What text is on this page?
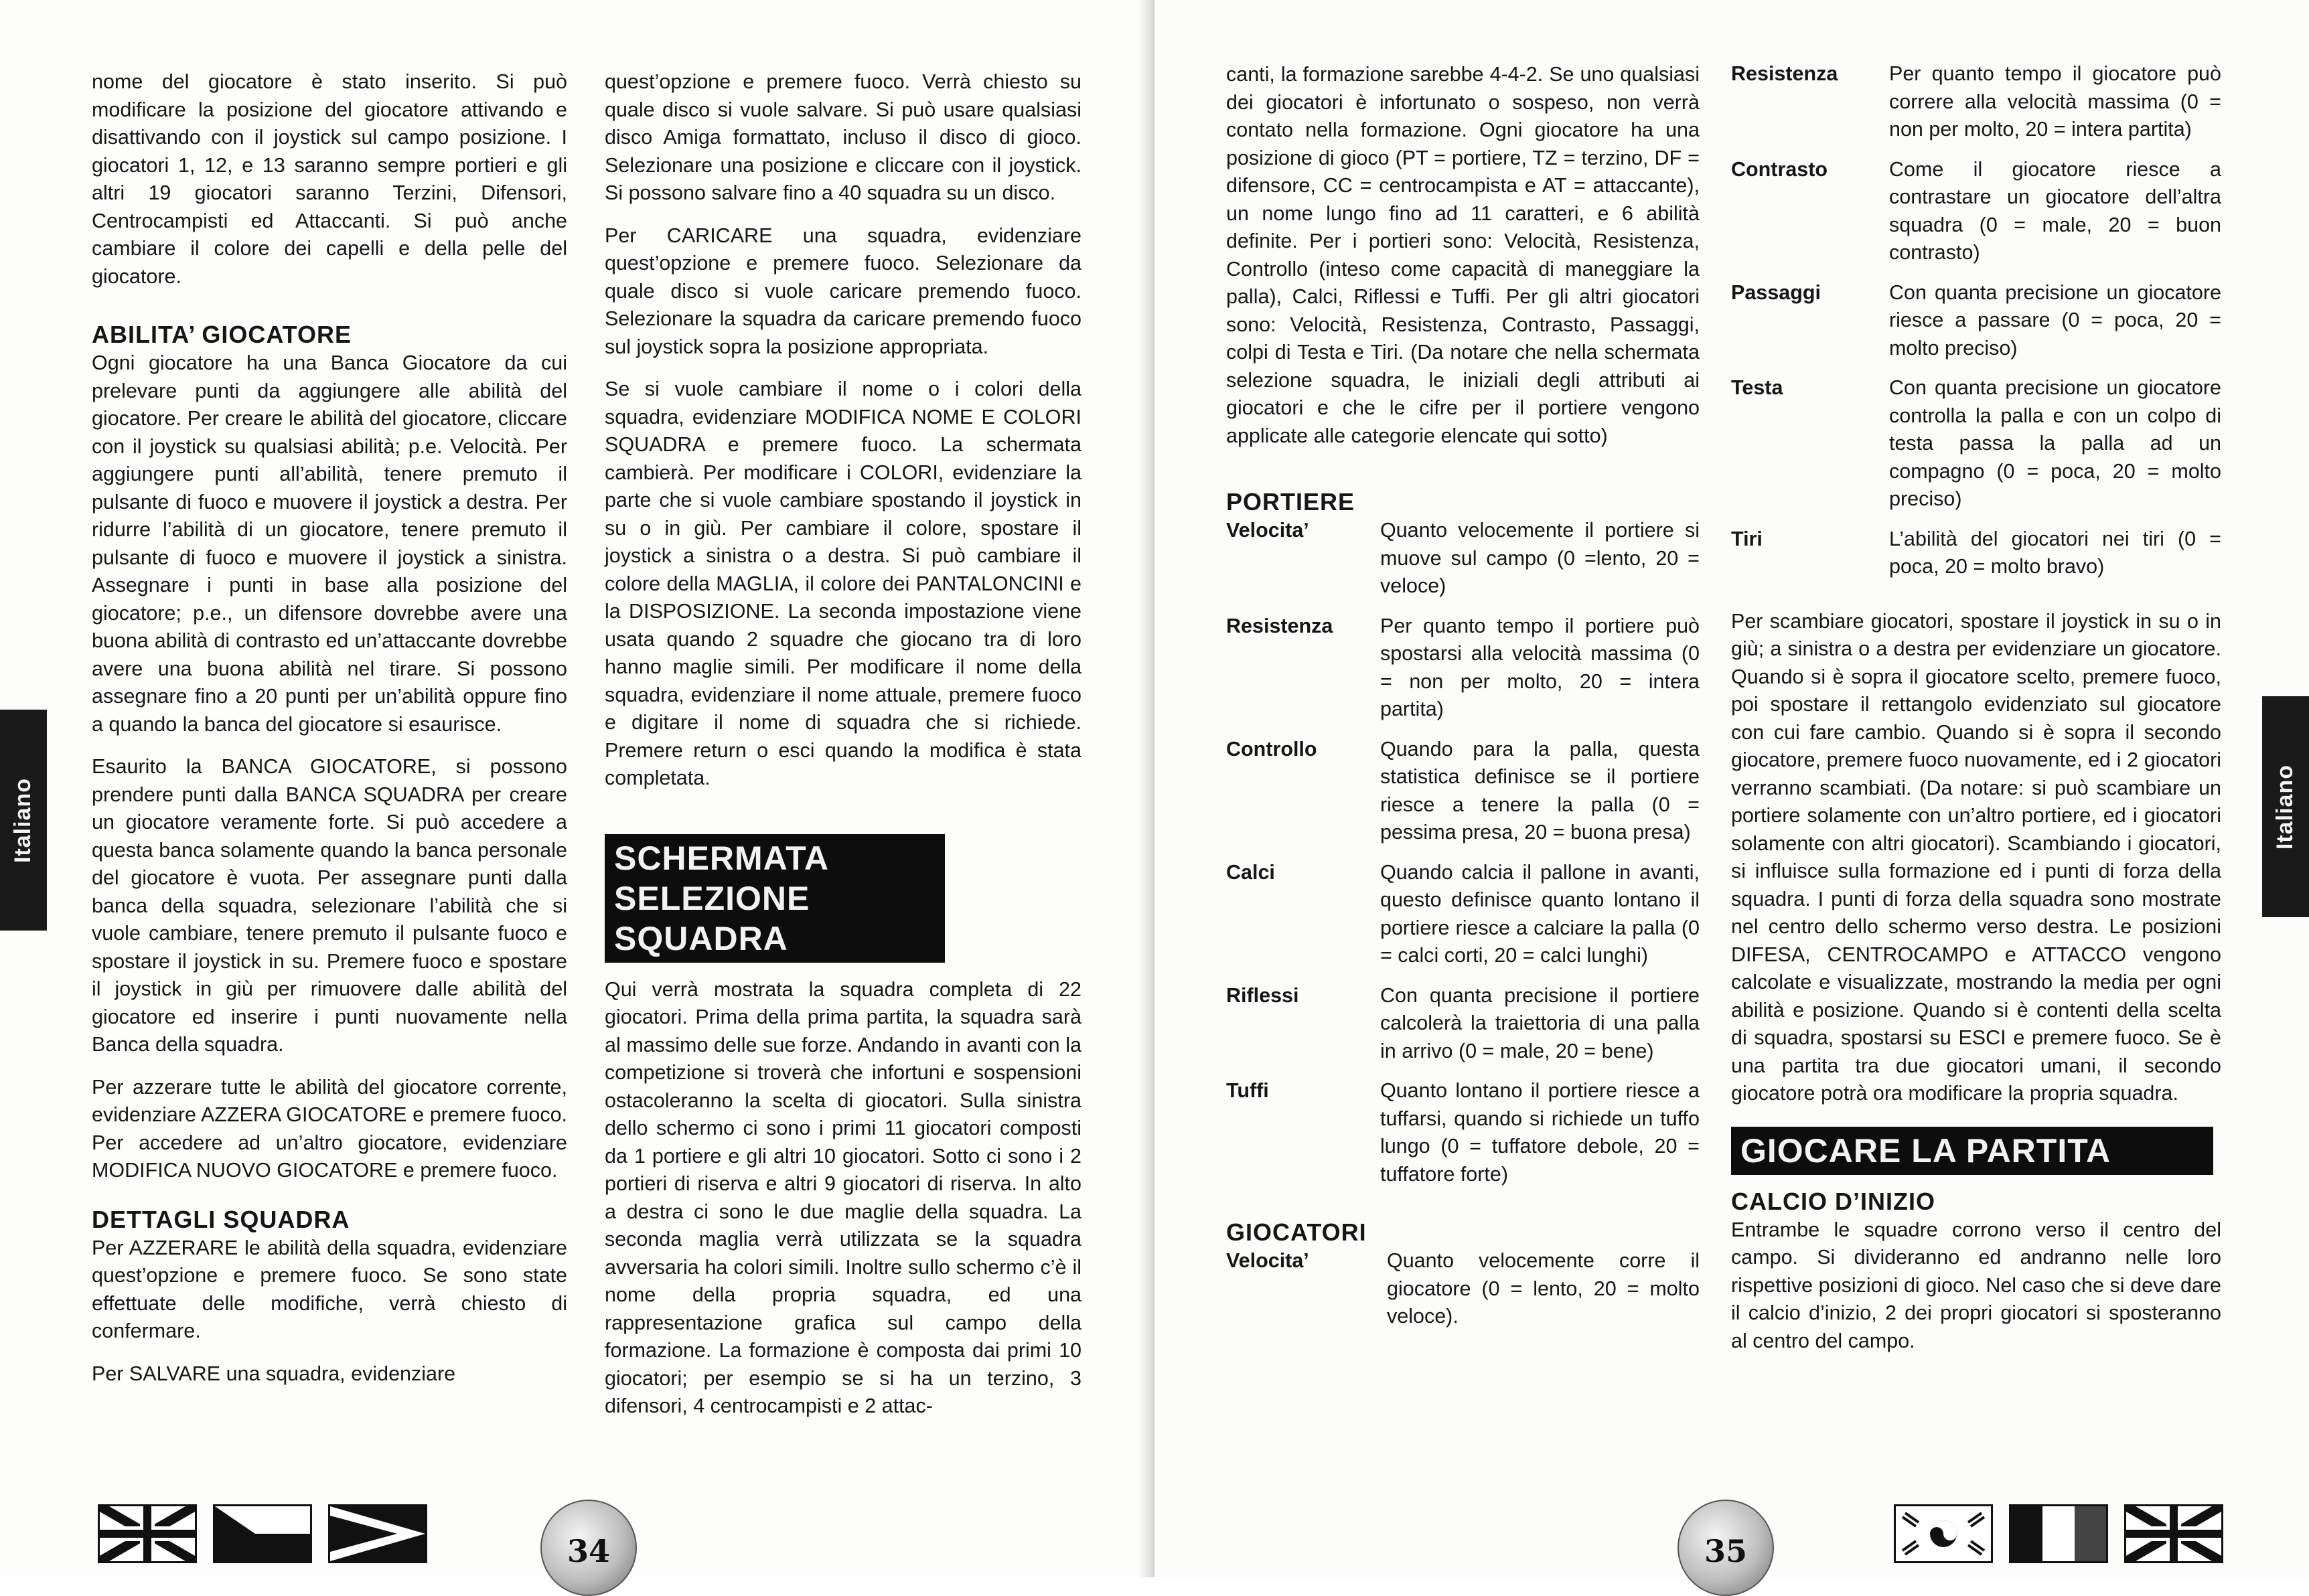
nome del giocatore è stato inserito. Si può modificare la posizione del giocatore attivando e disattivando con il joystick sul campo posizione. I giocatori 1, 12, e 13 saranno sempre portieri e gli altri 19 giocatori saranno Terzini, Difensori, Centrocampisti ed Attaccanti. Si può anche cambiare il colore dei capelli e della pelle del giocatore.

ABILITA’ GIOCATORE

Ogni giocatore ha una Banca Giocatore da cui prelevare punti da aggiungere alle abilità del giocatore. Per creare le abilità del giocatore, cliccare con il joystick su qualsiasi abilità; p.e. Velocità. Per aggiungere punti all’abilità, tenere premuto il pulsante di fuoco e muovere il joystick a destra. Per ridurre l’abilità di un giocatore, tenere premuto il pulsante di fuoco e muovere il joystick a sinistra. Assegnare i punti in base alla posizione del giocatore; p.e., un difensore dovrebbe avere una buona abilità di contrasto ed un’attaccante dovrebbe avere una buona abilità nel tirare. Si possono assegnare fino a 20 punti per un’abilità oppure fino a quando la banca del giocatore si esaurisce.

Esaurito la BANCA GIOCATORE, si possono prendere punti dalla BANCA SQUADRA per creare un giocatore veramente forte. Si può accedere a questa banca solamente quando la banca personale del giocatore è vuota. Per assegnare punti dalla banca della squadra, selezionare l’abilità che si vuole cambiare, tenere premuto il pulsante fuoco e spostare il joystick in su. Premere fuoco e spostare il joystick in giù per rimuovere dalle abilità del giocatore ed inserire i punti nuovamente nella Banca della squadra.

Per azzerare tutte le abilità del giocatore corrente, evidenziare AZZERA GIOCATORE e premere fuoco. Per accedere ad un’altro giocatore, evidenziare MODIFICA NUOVO GIOCATORE e premere fuoco.

DETTAGLI SQUADRA

Per AZZERARE le abilità della squadra, evidenziare quest’opzione e premere fuoco. Se sono state effettuate delle modifiche, verrà chiesto di confermare.

Per SALVARE una squadra, evidenziare

quest’opzione e premere fuoco. Verrà chiesto su quale disco si vuole salvare. Si può usare qualsiasi disco Amiga formattato, incluso il disco di gioco. Selezionare una posizione e cliccare con il joystick. Si possono salvare fino a 40 squadra su un disco.

Per CARICARE una squadra, evidenziare quest’opzione e premere fuoco. Selezionare da quale disco si vuole caricare premendo fuoco. Selezionare la squadra da caricare premendo fuoco sul joystick sopra la posizione appropriata.

Se si vuole cambiare il nome o i colori della squadra, evidenziare MODIFICA NOME E COLORI SQUADRA e premere fuoco. La schermata cambierà. Per modificare i COLORI, evidenziare la parte che si vuole cambiare spostando il joystick in su o in giù. Per cambiare il colore, spostare il joystick a sinistra o a destra. Si può cambiare il colore della MAGLIA, il colore dei PANTALONCINI e la DISPOSIZIONE. La seconda impostazione viene usata quando 2 squadre che giocano tra di loro hanno maglie simili. Per modificare il nome della squadra, evidenziare il nome attuale, premere fuoco e digitare il nome di squadra che si richiede. Premere return o esci quando la modifica è stata completata.

SCHERMATA SELEZIONE SQUADRA

Qui verrà mostrata la squadra completa di 22 giocatori. Prima della prima partita, la squadra sarà al massimo delle sue forze. Andando in avanti con la competizione si troverà che infortuni e sospensioni ostacoleranno la scelta di giocatori. Sulla sinistra dello schermo ci sono i primi 11 giocatori composti da 1 portiere e gli altri 10 giocatori. Sotto ci sono i 2 portieri di riserva e altri 9 giocatori di riserva. In alto a destra ci sono le due maglie della squadra. La seconda maglia verrà utilizzata se la squadra avversaria ha colori simili. Inoltre sullo schermo c’è il nome della propria squadra, ed una rappresentazione grafica sul campo della formazione. La formazione è composta dai primi 10 giocatori; per esempio se si ha un terzino, 3 difensori, 4 centrocampisti e 2 attac-

Italiano
34

canti, la formazione sarebbe 4-4-2. Se uno qualsiasi dei giocatori è infortunato o sospeso, non verrà contato nella formazione. Ogni giocatore ha una posizione di gioco (PT = portiere, TZ = terzino, DF = difensore, CC = centrocampista e AT = attaccante), un nome lungo fino ad 11 caratteri, e 6 abilità definite. Per i portieri sono: Velocità, Resistenza, Controllo (inteso come capacità di maneggiare la palla), Calci, Riflessi e Tuffi. Per gli altri giocatori sono: Velocità, Resistenza, Contrasto, Passaggi, colpi di Testa e Tiri. (Da notare che nella schermata selezione squadra, le iniziali degli attributi ai giocatori e che le cifre per il portiere vengono applicate alle categorie elencate qui sotto)

PORTIERE
Velocita’	Quanto velocemente il portiere si muove sul campo (0 =lento, 20 = veloce)
Resistenza	Per quanto tempo il portiere può spostarsi alla velocità massima (0 = non per molto, 20 = intera partita)
Controllo	Quando para la palla, questa statistica definisce se il portiere riesce a tenere la palla (0 = pessima presa, 20 = buona presa)
Calci	Quando calcia il pallone in avanti, questo definisce quanto lontano il portiere riesce a calciare la palla (0 = calci corti, 20 = calci lunghi)
Riflessi	Con quanta precisione il portiere calcolerà la traiettoria di una palla in arrivo (0 = male, 20 = bene)
Tuffi	Quanto lontano il portiere riesce a tuffarsi, quando si richiede un tuffo lungo (0 = tuffatore debole, 20 = tuffatore forte)
GIOCATORI
Velocita’	Quanto velocemente corre il giocatore (0 = lento, 20 = molto veloce).
Resistenza	Per quanto tempo il giocatore può correre alla velocità massima (0 = non per molto, 20 = intera partita)
Contrasto	Come il giocatore riesce a contrastare un giocatore dell’altra squadra (0 = male, 20 = buon contrasto)
Passaggi	Con quanta precisione un giocatore riesce a passare (0 = poca, 20 = molto preciso)
Testa	Con quanta precisione un giocatore controlla la palla e con un colpo di testa passa la palla ad un compagno (0 = poca, 20 = molto preciso)
Tiri	L’abilità del giocatori nei tiri (0 = poca, 20 = molto bravo)

Per scambiare giocatori, spostare il joystick in su o in giù; a sinistra o a destra per evidenziare un giocatore. Quando si è sopra il giocatore scelto, premere fuoco, poi spostare il rettangolo evidenziato sul giocatore con cui fare cambio. Quando si è sopra il secondo giocatore, premere fuoco nuovamente, ed i 2 giocatori verranno scambiati. (Da notare: si può scambiare un portiere solamente con un’altro portiere, ed i giocatori solamente con altri giocatori). Scambiando i giocatori, si influisce sulla formazione ed i punti di forza della squadra. I punti di forza della squadra sono mostrate nel centro dello schermo verso destra. Le posizioni DIFESA, CENTROCAMPO e ATTACCO vengono calcolate e visualizzate, mostrando la media per ogni abilità e posizione. Quando si è contenti della scelta di squadra, spostarsi su ESCI e premere fuoco. Se è una partita tra due giocatori umani, il secondo giocatore potrà ora modificare la propria squadra.

GIOCARE LA PARTITA
CALCIO D’INIZIO

Entrambe le squadre corrono verso il centro del campo. Si divideranno ed andranno nelle loro rispettive posizioni di gioco. Nel caso che si deve dare il calcio d’inizio, 2 dei propri giocatori si sposteranno al centro del campo.

Italiano
35
